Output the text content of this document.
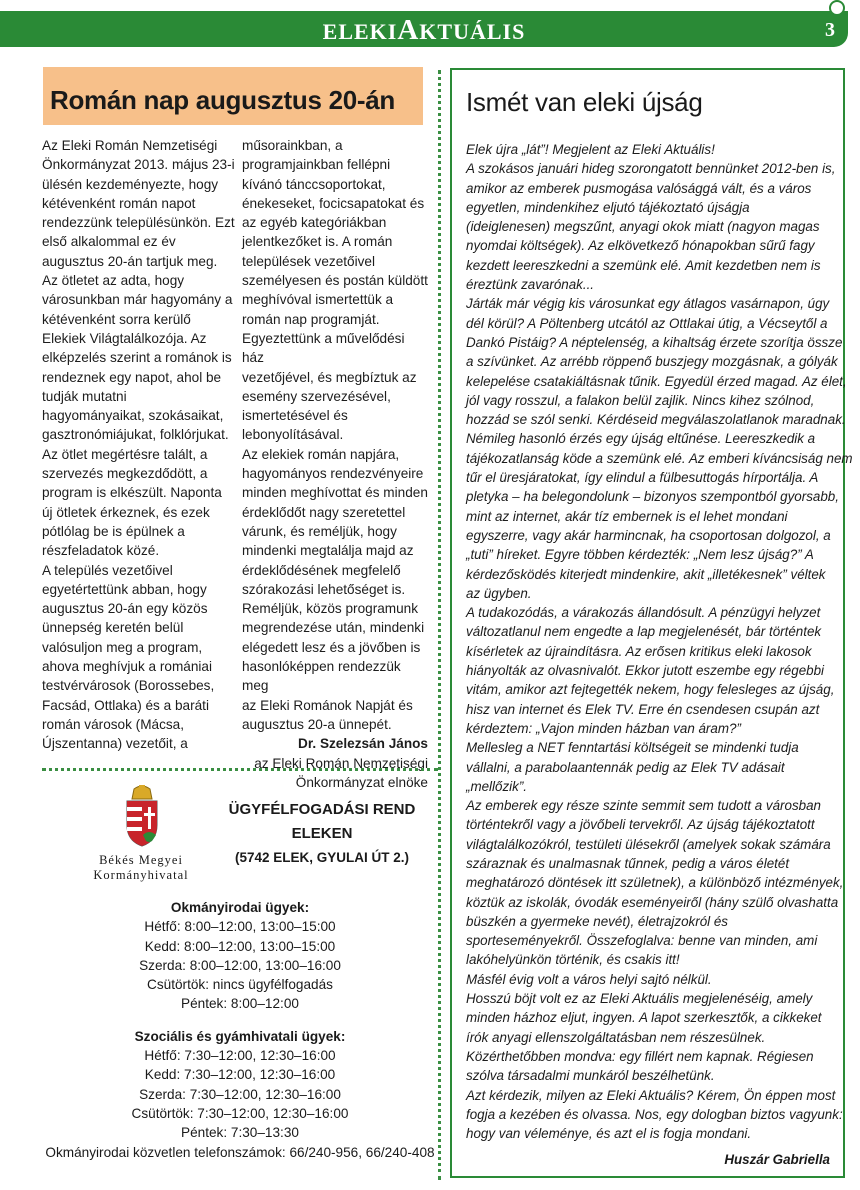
ELEKIAKTUÁLIS	3
Román nap augusztus 20-án
Az Eleki Román Nemzetiségi
Önkormányzat 2013. május 23-i
ülésén kezdeményezte, hogy
kétévenként román napot
rendezzünk településünkön. Ezt
első alkalommal ez év
augusztus 20-án tartjuk meg.
Az ötletet az adta, hogy
városunkban már hagyomány a
kétévenként sorra kerülő
Elekiek Világtalálkozója. Az
elképzelés szerint a románok is
rendeznek egy napot, ahol be
tudják mutatni
hagyományaikat, szokásaikat,
gasztronómiájukat, folklórjukat.
Az ötlet megértésre talált, a
szervezés megkezdődött, a
program is elkészült. Naponta
új ötletek érkeznek, és ezek
pótlólag be is épülnek a
részfeladatok közé.
A település vezetőivel
egyetértettünk abban, hogy
augusztus 20-án egy közös
ünnepség keretén belül
valósuljon meg a program,
ahova meghívjuk a romániai
testvérvárosok (Borossebes,
Facsád, Ottlaka) és a baráti
román városok (Mácsa,
Újszentanna) vezetőit, a
műsorainkban, a
programjainkban fellépni
kívánó tánccsoportokat,
énekeseket, focicsapatokat és
az egyéb kategóriákban
jelentkezőket is. A román
települések vezetőivel
személyesen és postán küldött
meghívóval ismertettük a
román nap programját.
Egyeztettünk a művelődési ház
vezetőjével, és megbíztuk az
esemény szervezésével,
ismertetésével és
lebonyolításával.
Az elekiek román napjára,
hagyományos rendezvényeire
minden meghívottat és minden
érdeklődőt nagy szeretettel
várunk, és reméljük, hogy
mindenki megtalálja majd az
érdeklődésének megfelelő
szórakozási lehetőséget is.
Reméljük, közös programunk
megrendezése után, mindenki
elégedett lesz és a jövőben is
hasonlóképpen rendezzük meg
az Eleki Románok Napját és
augusztus 20-a ünnepét.
Dr. Szelezsán János
az Eleki Román Nemzetiségi
Önkormányzat elnöke
Békés Megyei
Kormányhivatal
ÜGYFÉLFOGADÁSI REND
ELEKEN
(5742 ELEK, GYULAI ÚT 2.)
Okmányirodai ügyek:
Hétfő: 8:00–12:00, 13:00–15:00
Kedd: 8:00–12:00, 13:00–15:00
Szerda: 8:00–12:00, 13:00–16:00
Csütörtök: nincs ügyfélfogadás
Péntek: 8:00–12:00
Szociális és gyámhivatali ügyek:
Hétfő: 7:30–12:00, 12:30–16:00
Kedd: 7:30–12:00, 12:30–16:00
Szerda: 7:30–12:00, 12:30–16:00
Csütörtök: 7:30–12:00, 12:30–16:00
Péntek: 7:30–13:30
Okmányirodai közvetlen telefonszámok: 66/240-956, 66/240-408
Ismét van eleki újság
Elek újra „lát”! Megjelent az Eleki Aktuális!
A szokásos januári hideg szorongatott bennünket 2012-ben is,
amikor az emberek pusmogása valósággá vált, és a város
egyetlen, mindenkihez eljutó tájékoztató újságja
(ideiglenesen) megszűnt, anyagi okok miatt (nagyon magas
nyomdai költségek). Az elkövetkező hónapokban sűrű fagy
kezdett leereszkedni a szemünk elé. Amit kezdetben nem is
éreztünk zavarónak...
Járták már végig kis városunkat egy átlagos vasárnapon, úgy
dél körül? A Pöltenberg utcától az Ottlakai útig, a Vécseytől a
Dankó Pistáig? A néptelenség, a kihaltság érzete szorítja össze
a szívünket. Az arrébb röppenő buszjegy mozgásnak, a gólyák
kelepelése csatakiáltásnak tűnik. Egyedül érzed magad. Az élet,
jól vagy rosszul, a falakon belül zajlik. Nincs kihez szólnod,
hozzád se szól senki. Kérdéseid megválaszolatlanok maradnak.
Némileg hasonló érzés egy újság eltűnése. Leereszkedik a
tájékozatlanság köde a szemünk elé. Az emberi kíváncsiság nem
tűr el üresjáratokat, így elindul a fülbesuttogás hírportálja. A
pletyka – ha belegondolunk – bizonyos szempontból gyorsabb,
mint az internet, akár tíz embernek is el lehet mondani
egyszerre, vagy akár harmincnak, ha csoportosan dolgozol, a
„tuti” híreket. Egyre többen kérdezték: „Nem lesz újság?” A
kérdezősködés kiterjedt mindenkire, akit „illetékesnek” véltek
az ügyben.
A tudakozódás, a várakozás állandósult. A pénzügyi helyzet
változatlanul nem engedte a lap megjelenését, bár történtek
kísérletek az újraindításra. Az erősen kritikus eleki lakosok
hiányolták az olvasnivalót. Ekkor jutott eszembe egy régebbi
vitám, amikor azt fejtegették nekem, hogy felesleges az újság,
hisz van internet és Elek TV. Erre én csendesen csupán azt
kérdeztem: „Vajon minden házban van áram?”
Mellesleg a NET fenntartási költségeit se mindenki tudja
vállalni, a parabolaantennák pedig az Elek TV adásait
„mellőzik”.
Az emberek egy része szinte semmit sem tudott a városban
történtekről vagy a jövőbeli tervekről. Az újság tájékoztatott
világtalálkozókról, testületi ülésekről (amelyek sokak számára
száraznak és unalmasnak tűnnek, pedig a város életét
meghatározó döntések itt születnek), a különböző intézmények,
köztük az iskolák, óvodák eseményeiről (hány szülő olvashatta
büszkén a gyermeke nevét), életrajzokról és
sporteseményekről. Összefoglalva: benne van minden, ami
lakóhelyünkön történik, és csakis itt!
Másfél évig volt a város helyi sajtó nélkül.
Hosszú böjt volt ez az Eleki Aktuális megjelenéséig, amely
minden házhoz eljut, ingyen. A lapot szerkesztők, a cikkeket
írók anyagi ellenszolgáltatásban nem részesülnek.
Közérthetőbben mondva: egy fillért nem kapnak. Régiesen
szólva társadalmi munkáról beszélhetünk.
Azt kérdezik, milyen az Eleki Aktuális? Kérem, Ön éppen most
fogja a kezében és olvassa. Nos, egy dologban biztos vagyunk:
hogy van véleménye, és azt el is fogja mondani.
Huszár Gabriella
